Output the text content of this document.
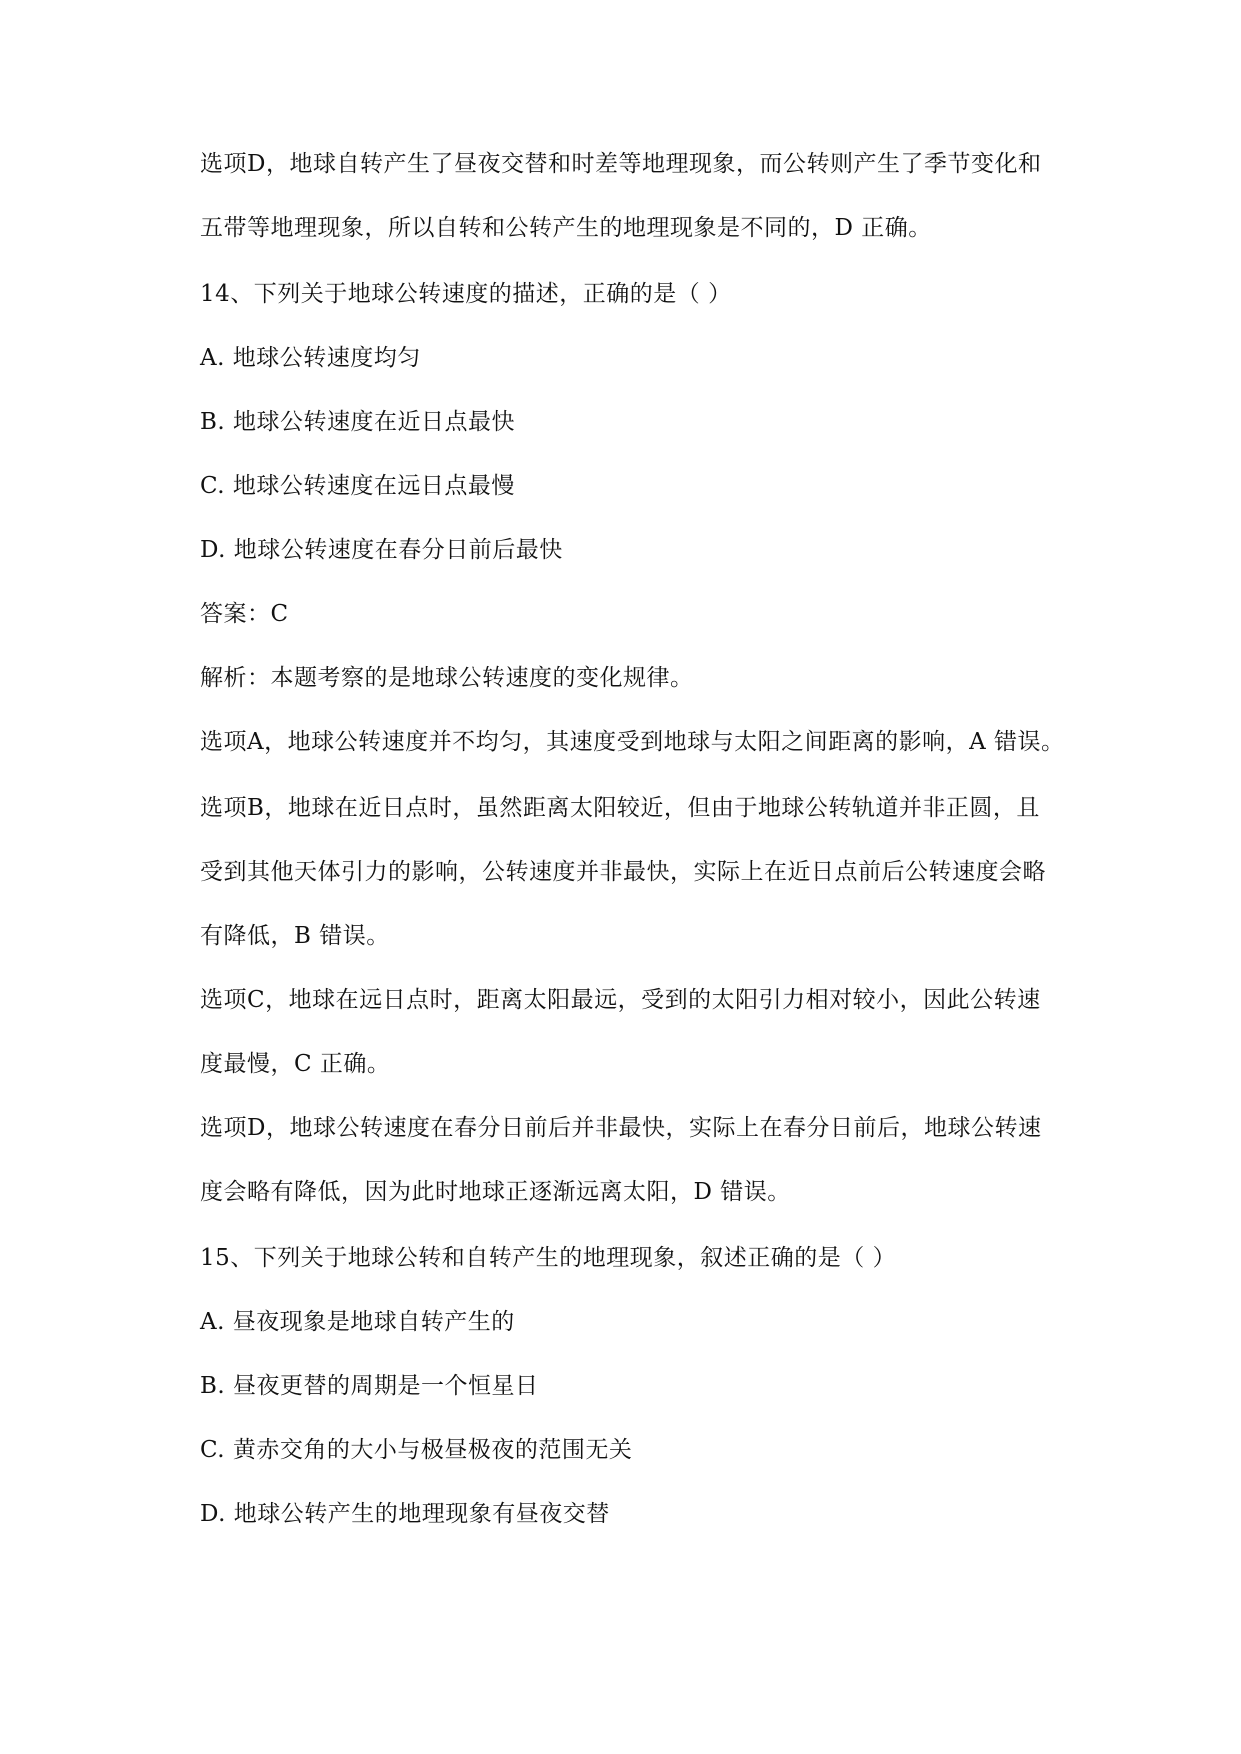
选项D，地球自转产生了昼夜交替和时差等地理现象，而公转则产生了季节变化和
五带等地理现象，所以自转和公转产生的地理现象是不同的，D 正确。
14、下列关于地球公转速度的描述，正确的是（ ）
A. 地球公转速度均匀
B. 地球公转速度在近日点最快
C. 地球公转速度在远日点最慢
D. 地球公转速度在春分日前后最快
答案：C
解析：本题考察的是地球公转速度的变化规律。
选项A，地球公转速度并不均匀，其速度受到地球与太阳之间距离的影响，A 错误。
选项B，地球在近日点时，虽然距离太阳较近，但由于地球公转轨道并非正圆，且
受到其他天体引力的影响，公转速度并非最快，实际上在近日点前后公转速度会略
有降低，B 错误。
选项C，地球在远日点时，距离太阳最远，受到的太阳引力相对较小，因此公转速
度最慢，C 正确。
选项D，地球公转速度在春分日前后并非最快，实际上在春分日前后，地球公转速
度会略有降低，因为此时地球正逐渐远离太阳，D 错误。
15、下列关于地球公转和自转产生的地理现象，叙述正确的是（ ）
A. 昼夜现象是地球自转产生的
B. 昼夜更替的周期是一个恒星日
C. 黄赤交角的大小与极昼极夜的范围无关
D. 地球公转产生的地理现象有昼夜交替
